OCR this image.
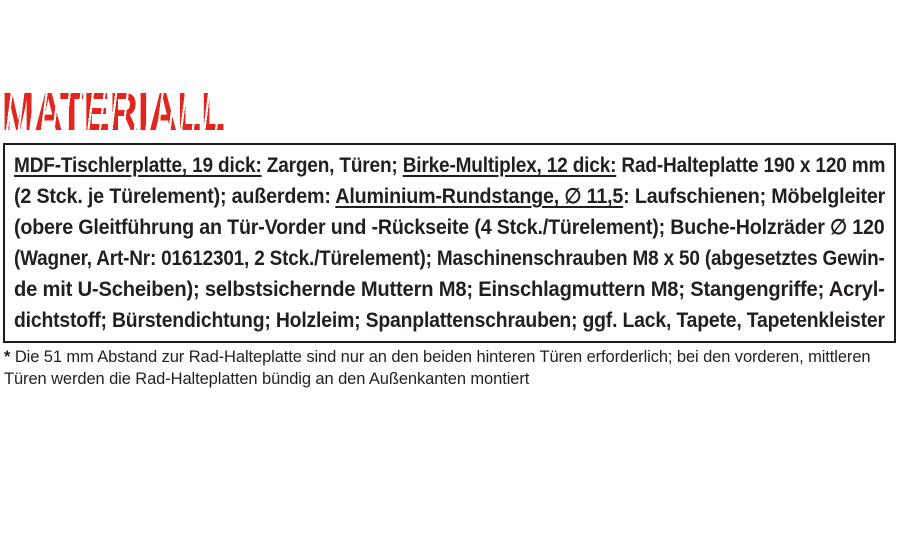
MATERIALLISTE
MDF-Tischlerplatte, 19 dick: Zargen, Türen; Birke-Multiplex, 12 dick: Rad-Halteplatte 190 x 120 mm
(2 Stck. je Türelement); außerdem: Aluminium-Rundstange, ∅ 11,5: Laufschienen; Möbelgleiter
(obere Gleitführung an Tür-Vorder und -Rückseite (4 Stck./Türelement); Buche-Holzräder ∅ 120
(Wagner, Art-Nr: 01612301, 2 Stck./Türelement); Maschinenschrauben M8 x 50 (abgesetztes Gewin-
de mit U-Scheiben); selbstsichernde Muttern M8; Einschlagmuttern M8; Stangengriffe; Acryl-
dichtstoff; Bürstendichtung; Holzleim; Spanplattenschrauben; ggf. Lack, Tapete, Tapetenkleister
* Die 51 mm Abstand zur Rad-Halteplatte sind nur an den beiden hinteren Türen erforderlich; bei den vorderen, mittleren
Türen werden die Rad-Halteplatten bündig an den Außenkanten montiert
